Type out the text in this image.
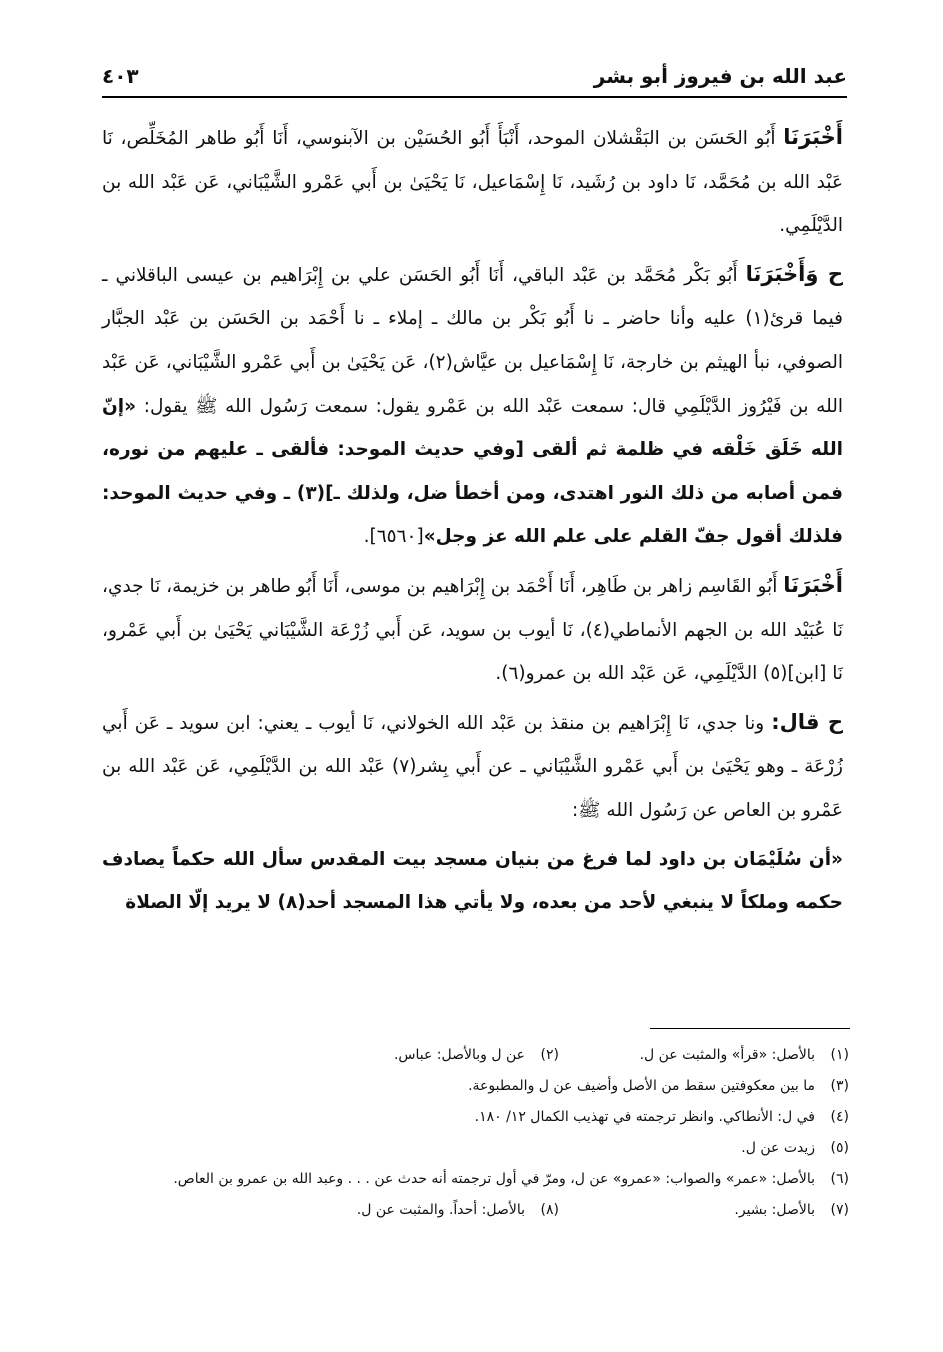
عبد الله بن فيروز أبو بشر
٤٠٣

أَخْبَرَنَا أَبُو الحَسَن بن البَقْشلان الموحد، أَنْبَأَ أَبُو الحُسَيْن بن الآبنوسي، أَنَا أَبُو طاهر المُخَلِّص، نَا عَبْد الله بن مُحَمَّد، نَا داود بن رُشَيد، نَا إِسْمَاعيل، نَا يَحْيَىٰ بن أَبي عَمْرو الشَّيْبَاني، عَن عَبْد الله بن الدَّيْلَمِي.

ح وَأَخْبَرَنَا أَبُو بَكْر مُحَمَّد بن عَبْد الباقي، أَنَا أَبُو الحَسَن علي بن إِبْرَاهيم بن عيسى الباقلاني ـ فيما قرئ(١) عليه وأنا حاضر ـ نا أَبُو بَكْر بن مالك ـ إملاء ـ نا أَحْمَد بن الحَسَن بن عَبْد الجبَّار الصوفي، نبأ الهيثم بن خارجة، نَا إِسْمَاعيل بن عيَّاش(٢)، عَن يَحْيَىٰ بن أَبي عَمْرو الشَّيْبَاني، عَن عَبْد الله بن فَيْرُوز الدَّيْلَمِي قال: سمعت عَبْد الله بن عَمْرو يقول: سمعت رَسُول الله ﷺ يقول: «إنّ الله خَلَق خَلْقه في ظلمة ثم ألقى [وفي حديث الموحد: فألقى ـ عليهم من نوره، فمن أصابه من ذلك النور اهتدى، ومن أخطأ ضل، ولذلك ـ](٣) ـ وفي حديث الموحد: فلذلك أقول جفّ القلم على علم الله عز وجل»[٦٥٦٠].

أَخْبَرَنَا أَبُو القَاسِم زاهر بن طَاهِر، أَنَا أَحْمَد بن إِبْرَاهيم بن موسى، أَنَا أَبُو طاهر بن خزيمة، نَا جدي، نَا عُبَيْد الله بن الجهم الأنماطي(٤)، نَا أيوب بن سويد، عَن أَبي زُرْعَة الشَّيْبَاني يَحْيَىٰ بن أَبي عَمْرو، نَا [ابن](٥) الدَّيْلَمِي، عَن عَبْد الله بن عمرو(٦).

ح قال: ونا جدي، نَا إِبْرَاهيم بن منقذ بن عَبْد الله الخولاني، نَا أيوب ـ يعني: ابن سويد ـ عَن أَبي زُرْعَة ـ وهو يَحْيَىٰ بن أَبي عَمْرو الشَّيْبَاني ـ عن أَبي بِشر(٧) عَبْد الله بن الدَّيْلَمِي، عَن عَبْد الله بن عَمْرو بن العاص عن رَسُول الله ﷺ:

«أن سُلَيْمَان بن داود لما فرغ من بنيان مسجد بيت المقدس سأل الله حكماً يصادف حكمه وملكاً لا ينبغي لأحد من بعده، ولا يأتي هذا المسجد أحد(٨) لا يريد إلّا الصلاة

(١)
بالأصل: «قرأ» والمثبت عن ل.
(٢)
عن ل وبالأصل: عباس.
(٣)
ما بين معكوفتين سقط من الأصل وأضيف عن ل والمطبوعة.
(٤)
في ل: الأنطاكي. وانظر ترجمته في تهذيب الكمال ١٢/ ١٨٠.
(٥)
زيدت عن ل.
(٦)
بالأصل: «عمر» والصواب: «عمرو» عن ل، ومرّ في أول ترجمته أنه حدث عن . . . وعبد الله بن عمرو بن العاص.
(٧)
بالأصل: بشير.
(٨)
بالأصل: أحداً. والمثبت عن ل.
